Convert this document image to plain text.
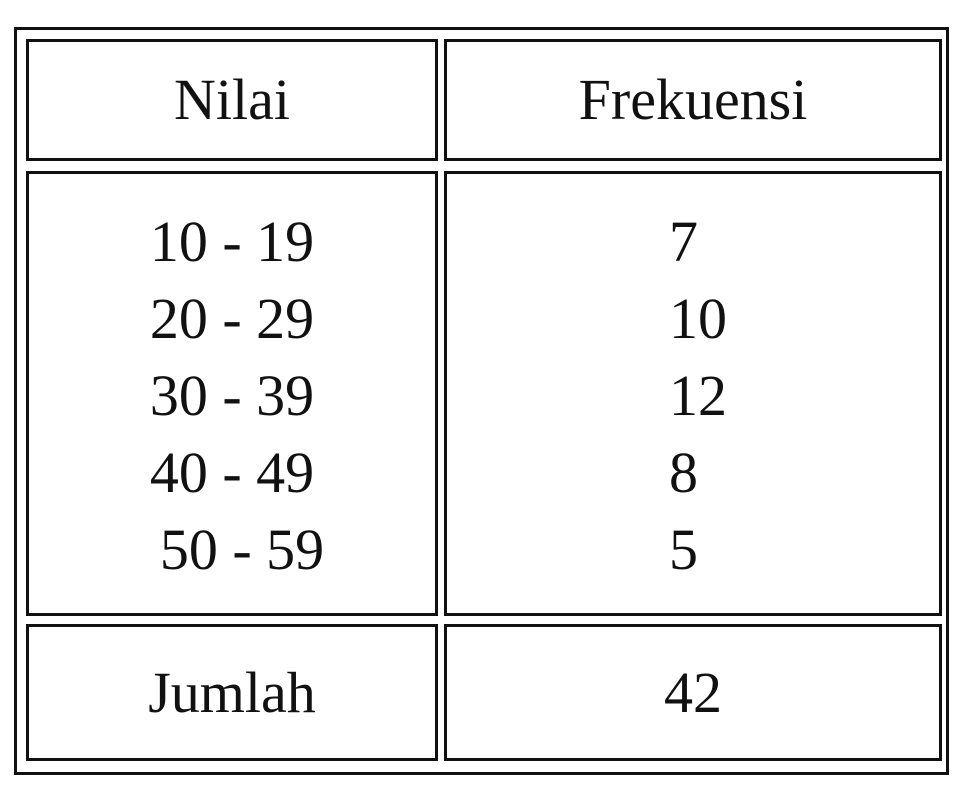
Nilai	Frekuensi
10 - 19
20 - 29
30 - 39
40 - 49
50 - 59
7
10
12
8
5
Jumlah	42
